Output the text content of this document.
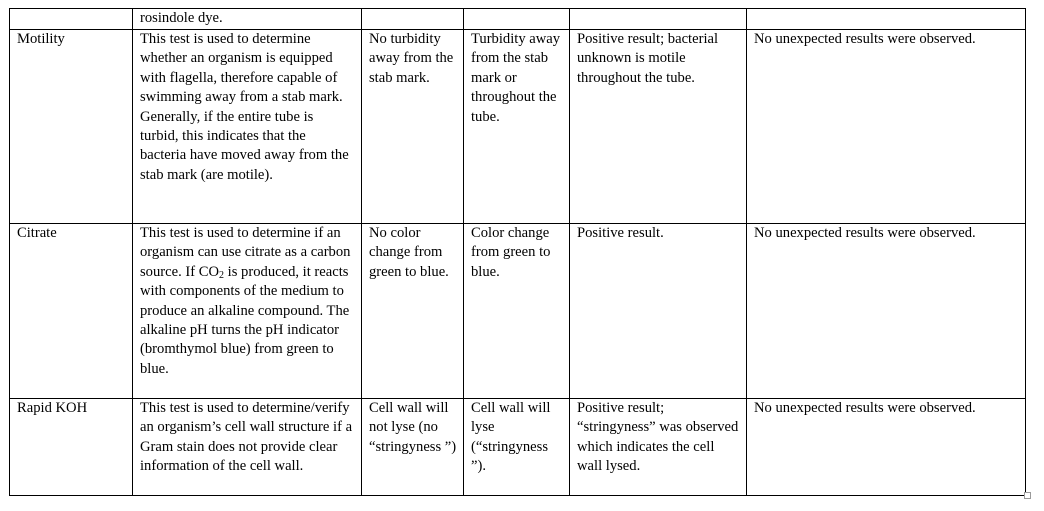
	rosindole dye.				
Motility	This test is used to determine whether an organism is equipped with flagella, therefore capable of swimming away from a stab mark. Generally, if the entire tube is turbid, this indicates that the bacteria have moved away from the stab mark (are motile).	No turbidity away from the stab mark.	Turbidity away from the stab mark or throughout the tube.	Positive result; bacterial unknown is motile throughout the tube.	No unexpected results were observed.
Citrate	This test is used to determine if an organism can use citrate as a carbon source. If $CO_2$ is produced, it reacts with components of the medium to produce an alkaline compound. The alkaline pH turns the pH indicator (bromthymol blue) from green to blue.	No color change from green to blue.	Color change from green to blue.	Positive result.	No unexpected results were observed.
Rapid KOH	This test is used to determine/verify an organism’s cell wall structure if a Gram stain does not provide clear information of the cell wall.	Cell wall will not lyse (no “stringyness ”)	Cell wall will lyse (“stringyness ”).	Positive result; “stringyness” was observed which indicates the cell wall lysed.	No unexpected results were observed.
